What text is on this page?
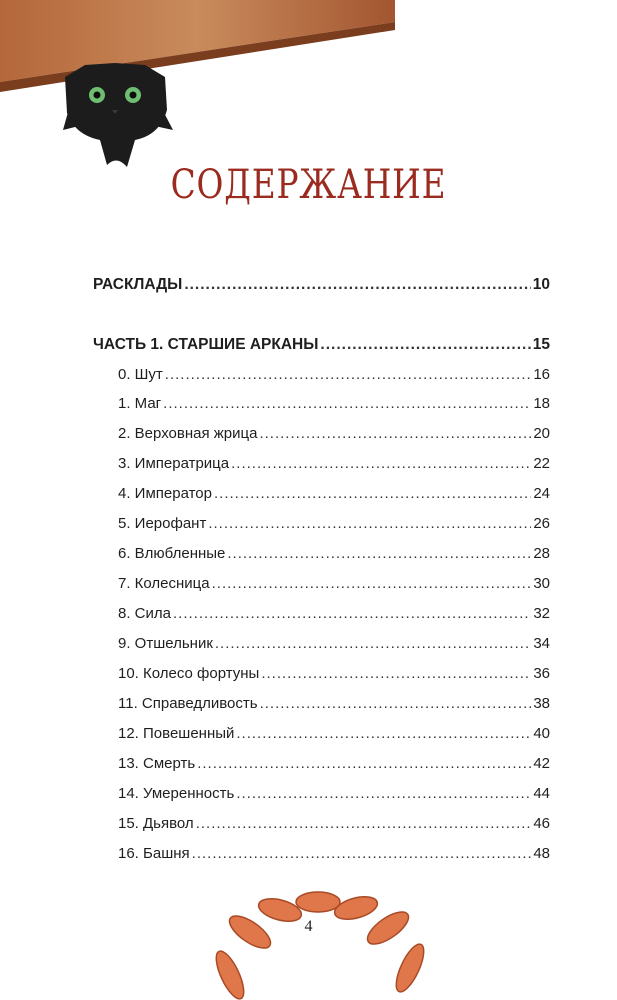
СОДЕРЖАНИЕ
РАСКЛАДЫ .....	10
ЧАСТЬ 1. СТАРШИЕ АРКАНЫ .....	15
0. Шут .....	16
1. Маг .....	18
2. Верховная жрица .....	20
3. Императрица .....	22
4. Император .....	24
5. Иерофант .....	26
6. Влюбленные .....	28
7. Колесница .....	30
8. Сила .....	32
9. Отшельник .....	34
10. Колесо фортуны .....	36
11. Справедливость .....	38
12. Повешенный .....	40
13. Смерть .....	42
14. Умеренность .....	44
15. Дьявол .....	46
16. Башня .....	48
4
